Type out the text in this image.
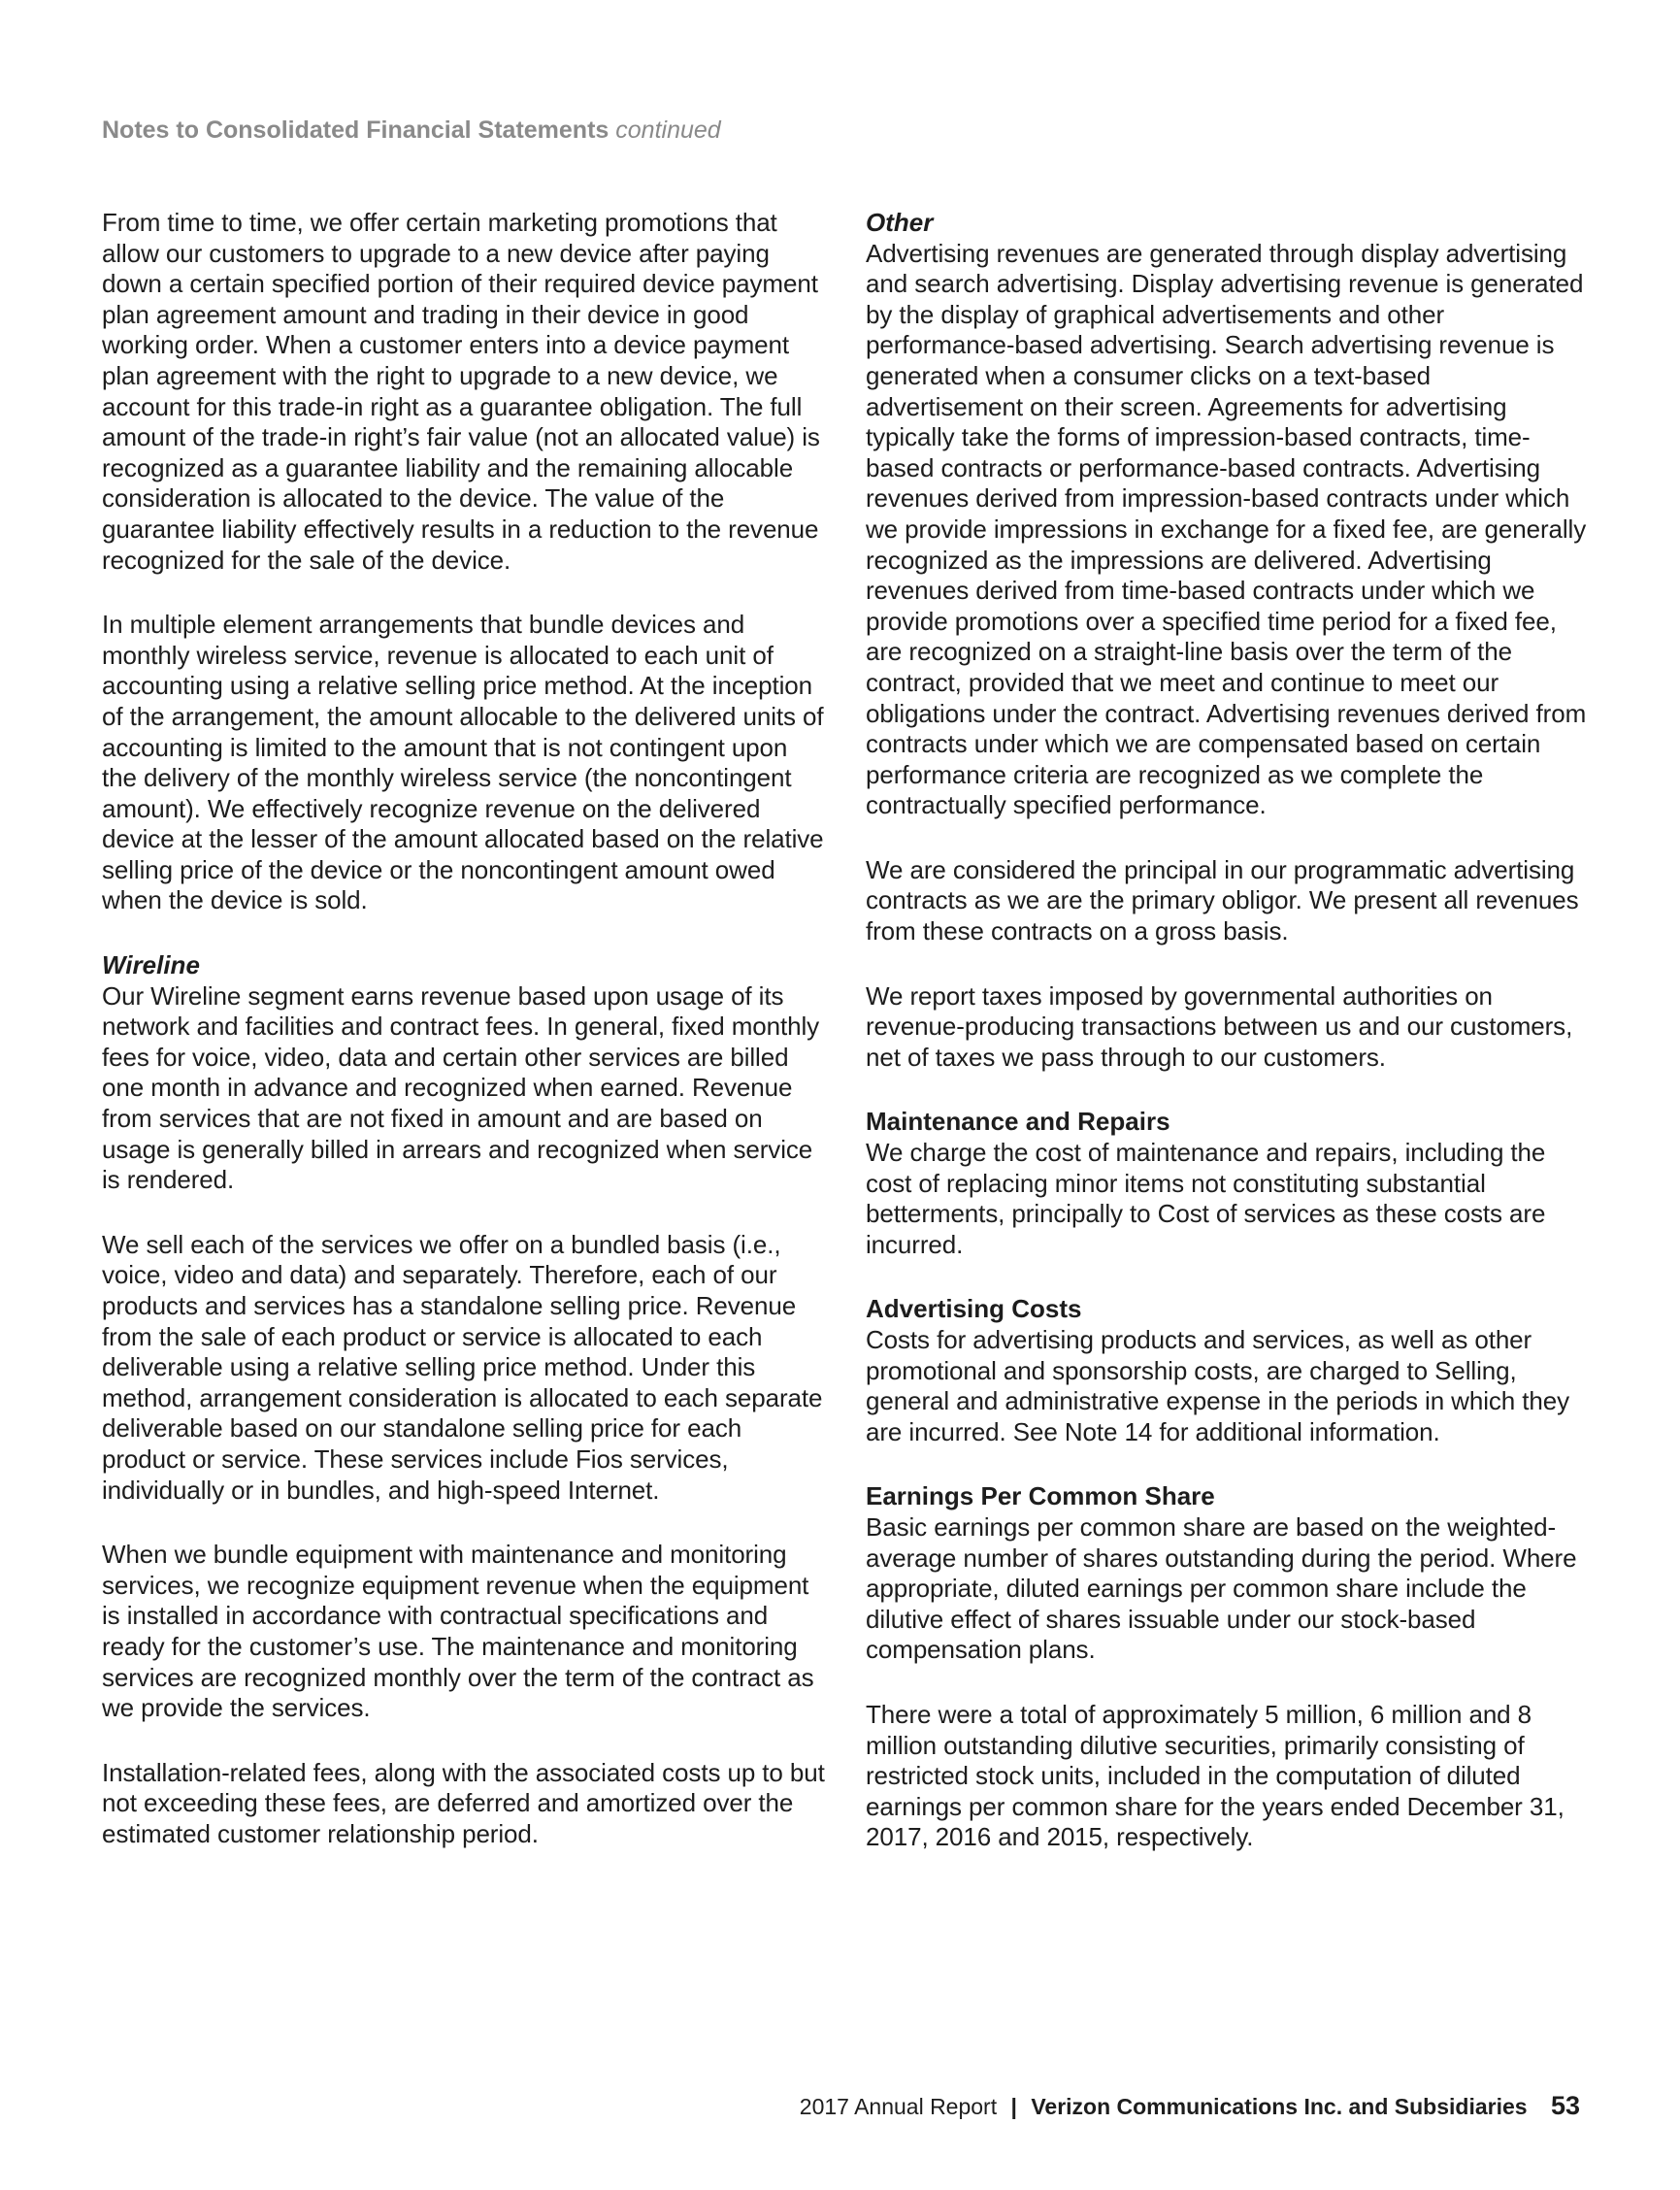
Notes to Consolidated Financial Statements continued

From time to time, we offer certain marketing promotions that allow our customers to upgrade to a new device after paying down a certain specified portion of their required device payment plan agreement amount and trading in their device in good working order. When a customer enters into a device payment plan agreement with the right to upgrade to a new device, we account for this trade-in right as a guarantee obligation. The full amount of the trade-in right’s fair value (not an allocated value) is recognized as a guarantee liability and the remaining allocable consideration is allocated to the device. The value of the guarantee liability effectively results in a reduction to the revenue recognized for the sale of the device.

In multiple element arrangements that bundle devices and monthly wireless service, revenue is allocated to each unit of accounting using a relative selling price method. At the inception of the arrangement, the amount allocable to the delivered units of accounting is limited to the amount that is not contingent upon the delivery of the monthly wireless service (the noncontingent amount). We effectively recognize revenue on the delivered device at the lesser of the amount allocated based on the relative selling price of the device or the noncontingent amount owed when the device is sold.

Wireline

Our Wireline segment earns revenue based upon usage of its network and facilities and contract fees. In general, fixed monthly fees for voice, video, data and certain other services are billed one month in advance and recognized when earned. Revenue from services that are not fixed in amount and are based on usage is generally billed in arrears and recognized when service is rendered.

We sell each of the services we offer on a bundled basis (i.e., voice, video and data) and separately. Therefore, each of our products and services has a standalone selling price. Revenue from the sale of each product or service is allocated to each deliverable using a relative selling price method. Under this method, arrangement consideration is allocated to each separate deliverable based on our standalone selling price for each product or service. These services include Fios services, individually or in bundles, and high-speed Internet.

When we bundle equipment with maintenance and monitoring services, we recognize equipment revenue when the equipment is installed in accordance with contractual specifications and ready for the customer’s use. The maintenance and monitoring services are recognized monthly over the term of the contract as we provide the services.

Installation-related fees, along with the associated costs up to but not exceeding these fees, are deferred and amortized over the estimated customer relationship period.

Other

Advertising revenues are generated through display advertising and search advertising. Display advertising revenue is generated by the display of graphical advertisements and other performance-based advertising. Search advertising revenue is generated when a consumer clicks on a text-based advertisement on their screen. Agreements for advertising typically take the forms of impression-based contracts, time-based contracts or performance-based contracts. Advertising revenues derived from impression-based contracts under which we provide impressions in exchange for a fixed fee, are generally recognized as the impressions are delivered. Advertising revenues derived from time-based contracts under which we provide promotions over a specified time period for a fixed fee, are recognized on a straight-line basis over the term of the contract, provided that we meet and continue to meet our obligations under the contract. Advertising revenues derived from contracts under which we are compensated based on certain performance criteria are recognized as we complete the contractually specified performance.

We are considered the principal in our programmatic advertising contracts as we are the primary obligor. We present all revenues from these contracts on a gross basis.

We report taxes imposed by governmental authorities on revenue-producing transactions between us and our customers, net of taxes we pass through to our customers.

Maintenance and Repairs

We charge the cost of maintenance and repairs, including the cost of replacing minor items not constituting substantial betterments, principally to Cost of services as these costs are incurred.

Advertising Costs

Costs for advertising products and services, as well as other promotional and sponsorship costs, are charged to Selling, general and administrative expense in the periods in which they are incurred. See Note 14 for additional information.

Earnings Per Common Share

Basic earnings per common share are based on the weighted-average number of shares outstanding during the period. Where appropriate, diluted earnings per common share include the dilutive effect of shares issuable under our stock-based compensation plans.

There were a total of approximately 5 million, 6 million and 8 million outstanding dilutive securities, primarily consisting of restricted stock units, included in the computation of diluted earnings per common share for the years ended December 31, 2017, 2016 and 2015, respectively.

2017 Annual Report | Verizon Communications Inc. and Subsidiaries 53
